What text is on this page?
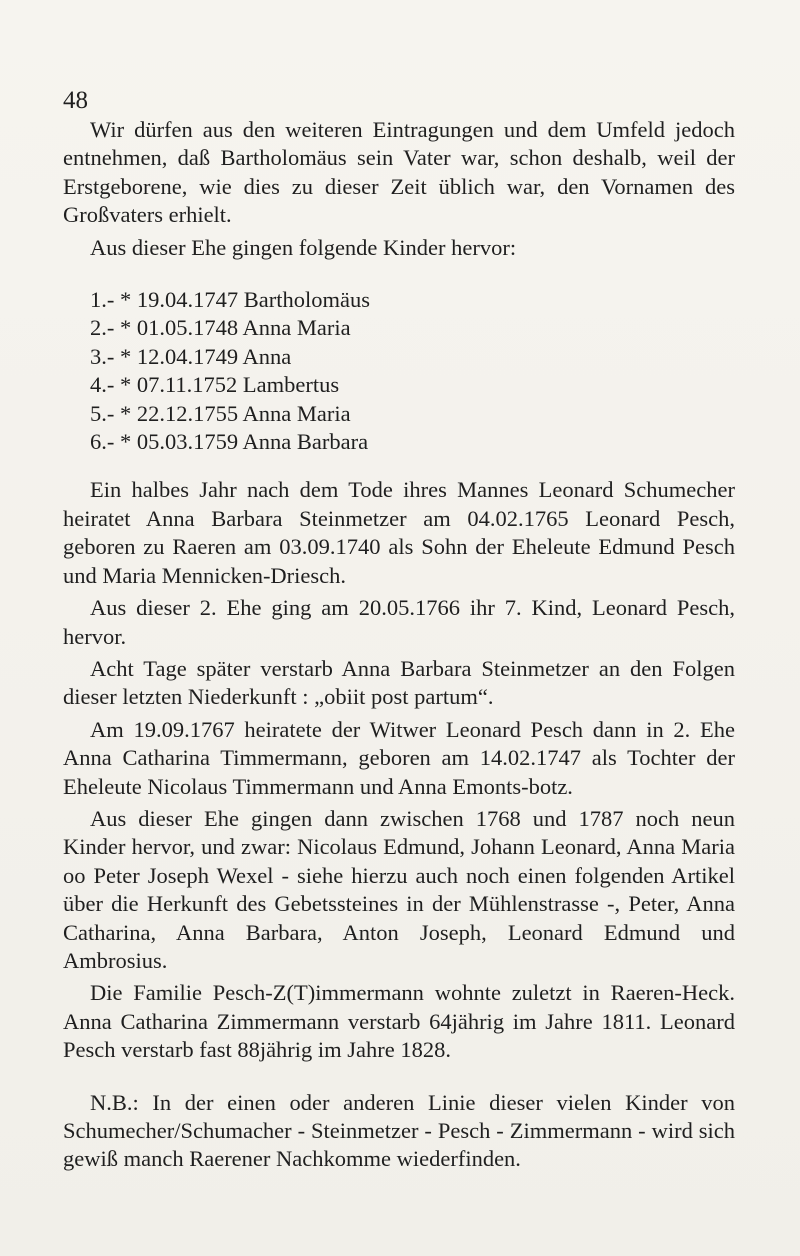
48

Wir dürfen aus den weiteren Eintragungen und dem Umfeld jedoch entnehmen, daß Bartholomäus sein Vater war, schon deshalb, weil der Erstgeborene, wie dies zu dieser Zeit üblich war, den Vornamen des Großvaters erhielt.

Aus dieser Ehe gingen folgende Kinder hervor:

1.- * 19.04.1747 Bartholomäus
2.- * 01.05.1748 Anna Maria
3.- * 12.04.1749 Anna
4.- * 07.11.1752 Lambertus
5.- * 22.12.1755 Anna Maria
6.- * 05.03.1759 Anna Barbara

Ein halbes Jahr nach dem Tode ihres Mannes Leonard Schumecher heiratet Anna Barbara Steinmetzer am 04.02.1765 Leonard Pesch, geboren zu Raeren am 03.09.1740 als Sohn der Eheleute Edmund Pesch und Maria Mennicken-Driesch.

Aus dieser 2. Ehe ging am 20.05.1766 ihr 7. Kind, Leonard Pesch, hervor.

Acht Tage später verstarb Anna Barbara Steinmetzer an den Folgen dieser letzten Niederkunft : „obiit post partum“.

Am 19.09.1767 heiratete der Witwer Leonard Pesch dann in 2. Ehe Anna Catharina Timmermann, geboren am 14.02.1747 als Tochter der Eheleute Nicolaus Timmermann und Anna Emonts-botz.

Aus dieser Ehe gingen dann zwischen 1768 und 1787 noch neun Kinder hervor, und zwar: Nicolaus Edmund, Johann Leonard, Anna Maria oo Peter Joseph Wexel - siehe hierzu auch noch einen folgenden Artikel über die Herkunft des Gebetssteines in der Mühlenstrasse -, Peter, Anna Catharina, Anna Barbara, Anton Joseph, Leonard Edmund und Ambrosius.

Die Familie Pesch-Z(T)immermann wohnte zuletzt in Raeren-Heck. Anna Catharina Zimmermann verstarb 64jährig im Jahre 1811. Leonard Pesch verstarb fast 88jährig im Jahre 1828.

N.B.: In der einen oder anderen Linie dieser vielen Kinder von Schumecher/Schumacher - Steinmetzer - Pesch - Zimmermann - wird sich gewiß manch Raerener Nachkomme wiederfinden.
